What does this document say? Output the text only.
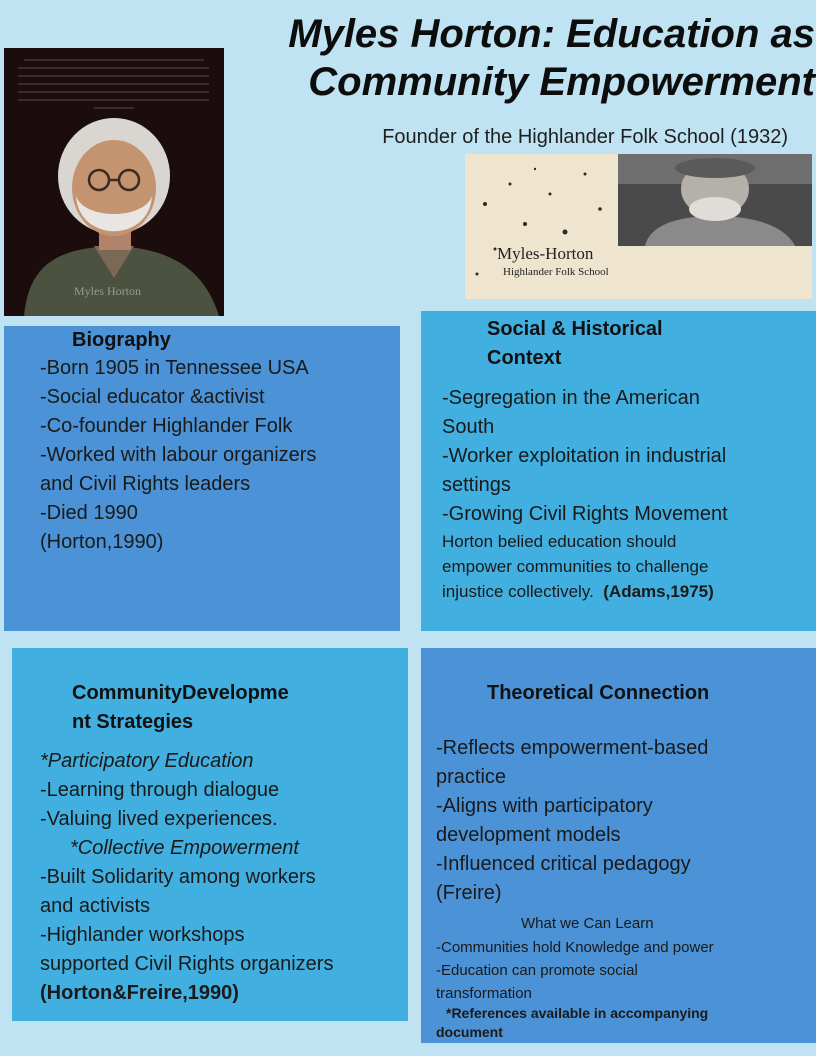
Myles Horton: Education as
Community Empowerment
Founder of the Highlander Folk School (1932)
Myles Horton
Myles-Horton
Highlander Folk School
Biography
-Born 1905 in Tennessee USA
-Social educator &activist
-Co-founder Highlander Folk
-Worked with labour organizers
and Civil Rights leaders
-Died 1990
(Horton,1990)
Social & Historical
Context
-Segregation in the American
South
-Worker exploitation in industrial
settings
-Growing Civil Rights Movement
Horton belied education should
empower communities to challenge
injustice collectively. (Adams,1975)
CommunityDevelopme
nt Strategies
*Participatory Education
-Learning through dialogue
-Valuing lived experiences.
*Collective Empowerment
-Built Solidarity among workers
and activists
-Highlander workshops
supported Civil Rights organizers
(Horton&Freire,1990)
Theoretical Connection
-Reflects empowerment-based
practice
-Aligns with participatory
development models
-Influenced critical pedagogy
(Freire)
What we Can Learn
-Communities hold Knowledge and power
-Education can promote social
transformation
*References available in accompanying
document
